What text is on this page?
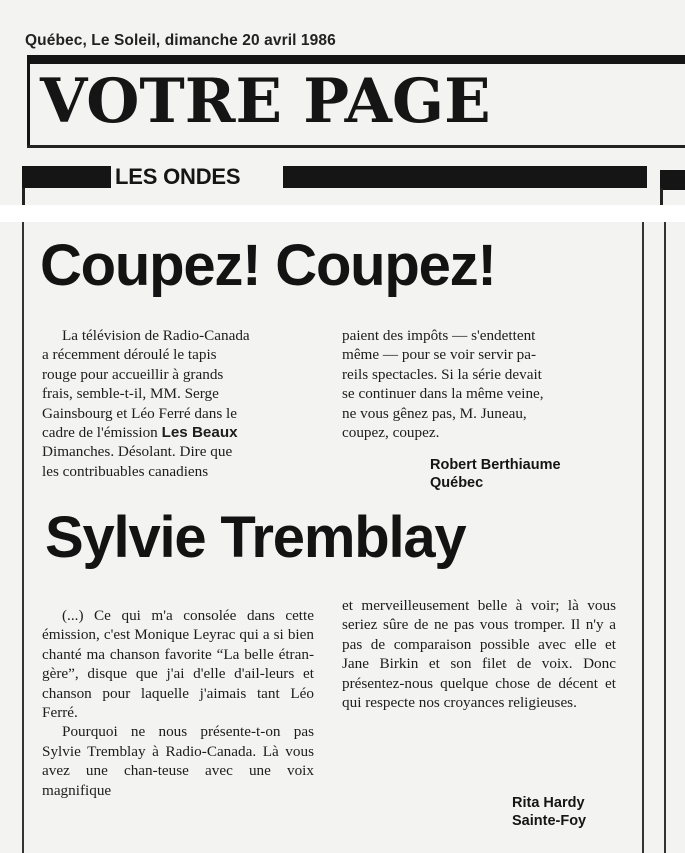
Québec, Le Soleil, dimanche 20 avril 1986
VOTRE PAGE
LES ONDES
Coupez! Coupez!

La télévision de Radio-Canada

a récemment déroulé le tapis

rouge pour accueillir à grands

frais, semble-t-il, MM. Serge

Gainsbourg et Léo Ferré dans le

cadre de l'émission Les Beaux

Dimanches. Désolant. Dire que

les contribuables canadiens

paient des impôts — s'endettent

même — pour se voir servir pa-

reils spectacles. Si la série devait

se continuer dans la même veine,

ne vous gênez pas, M. Juneau,

coupez, coupez.

Robert Berthiaume
Québec
Sylvie Tremblay

(...) Ce qui m'a consolée dans cette émission, c'est Monique Leyrac qui a si bien chanté ma chanson favorite “La belle étran-gère”, disque que j'ai d'elle d'ail-leurs et chanson pour laquelle j'aimais tant Léo Ferré.

Pourquoi ne nous présente-t-on pas Sylvie Tremblay à Radio-Canada. Là vous avez une chan-teuse avec une voix magnifique

et merveilleusement belle à voir; là vous seriez sûre de ne pas vous tromper. Il n'y a pas de comparaison possible avec elle et Jane Birkin et son filet de voix. Donc présentez-nous quelque chose de décent et qui respecte nos croyances religieuses.

Rita Hardy
Sainte-Foy
